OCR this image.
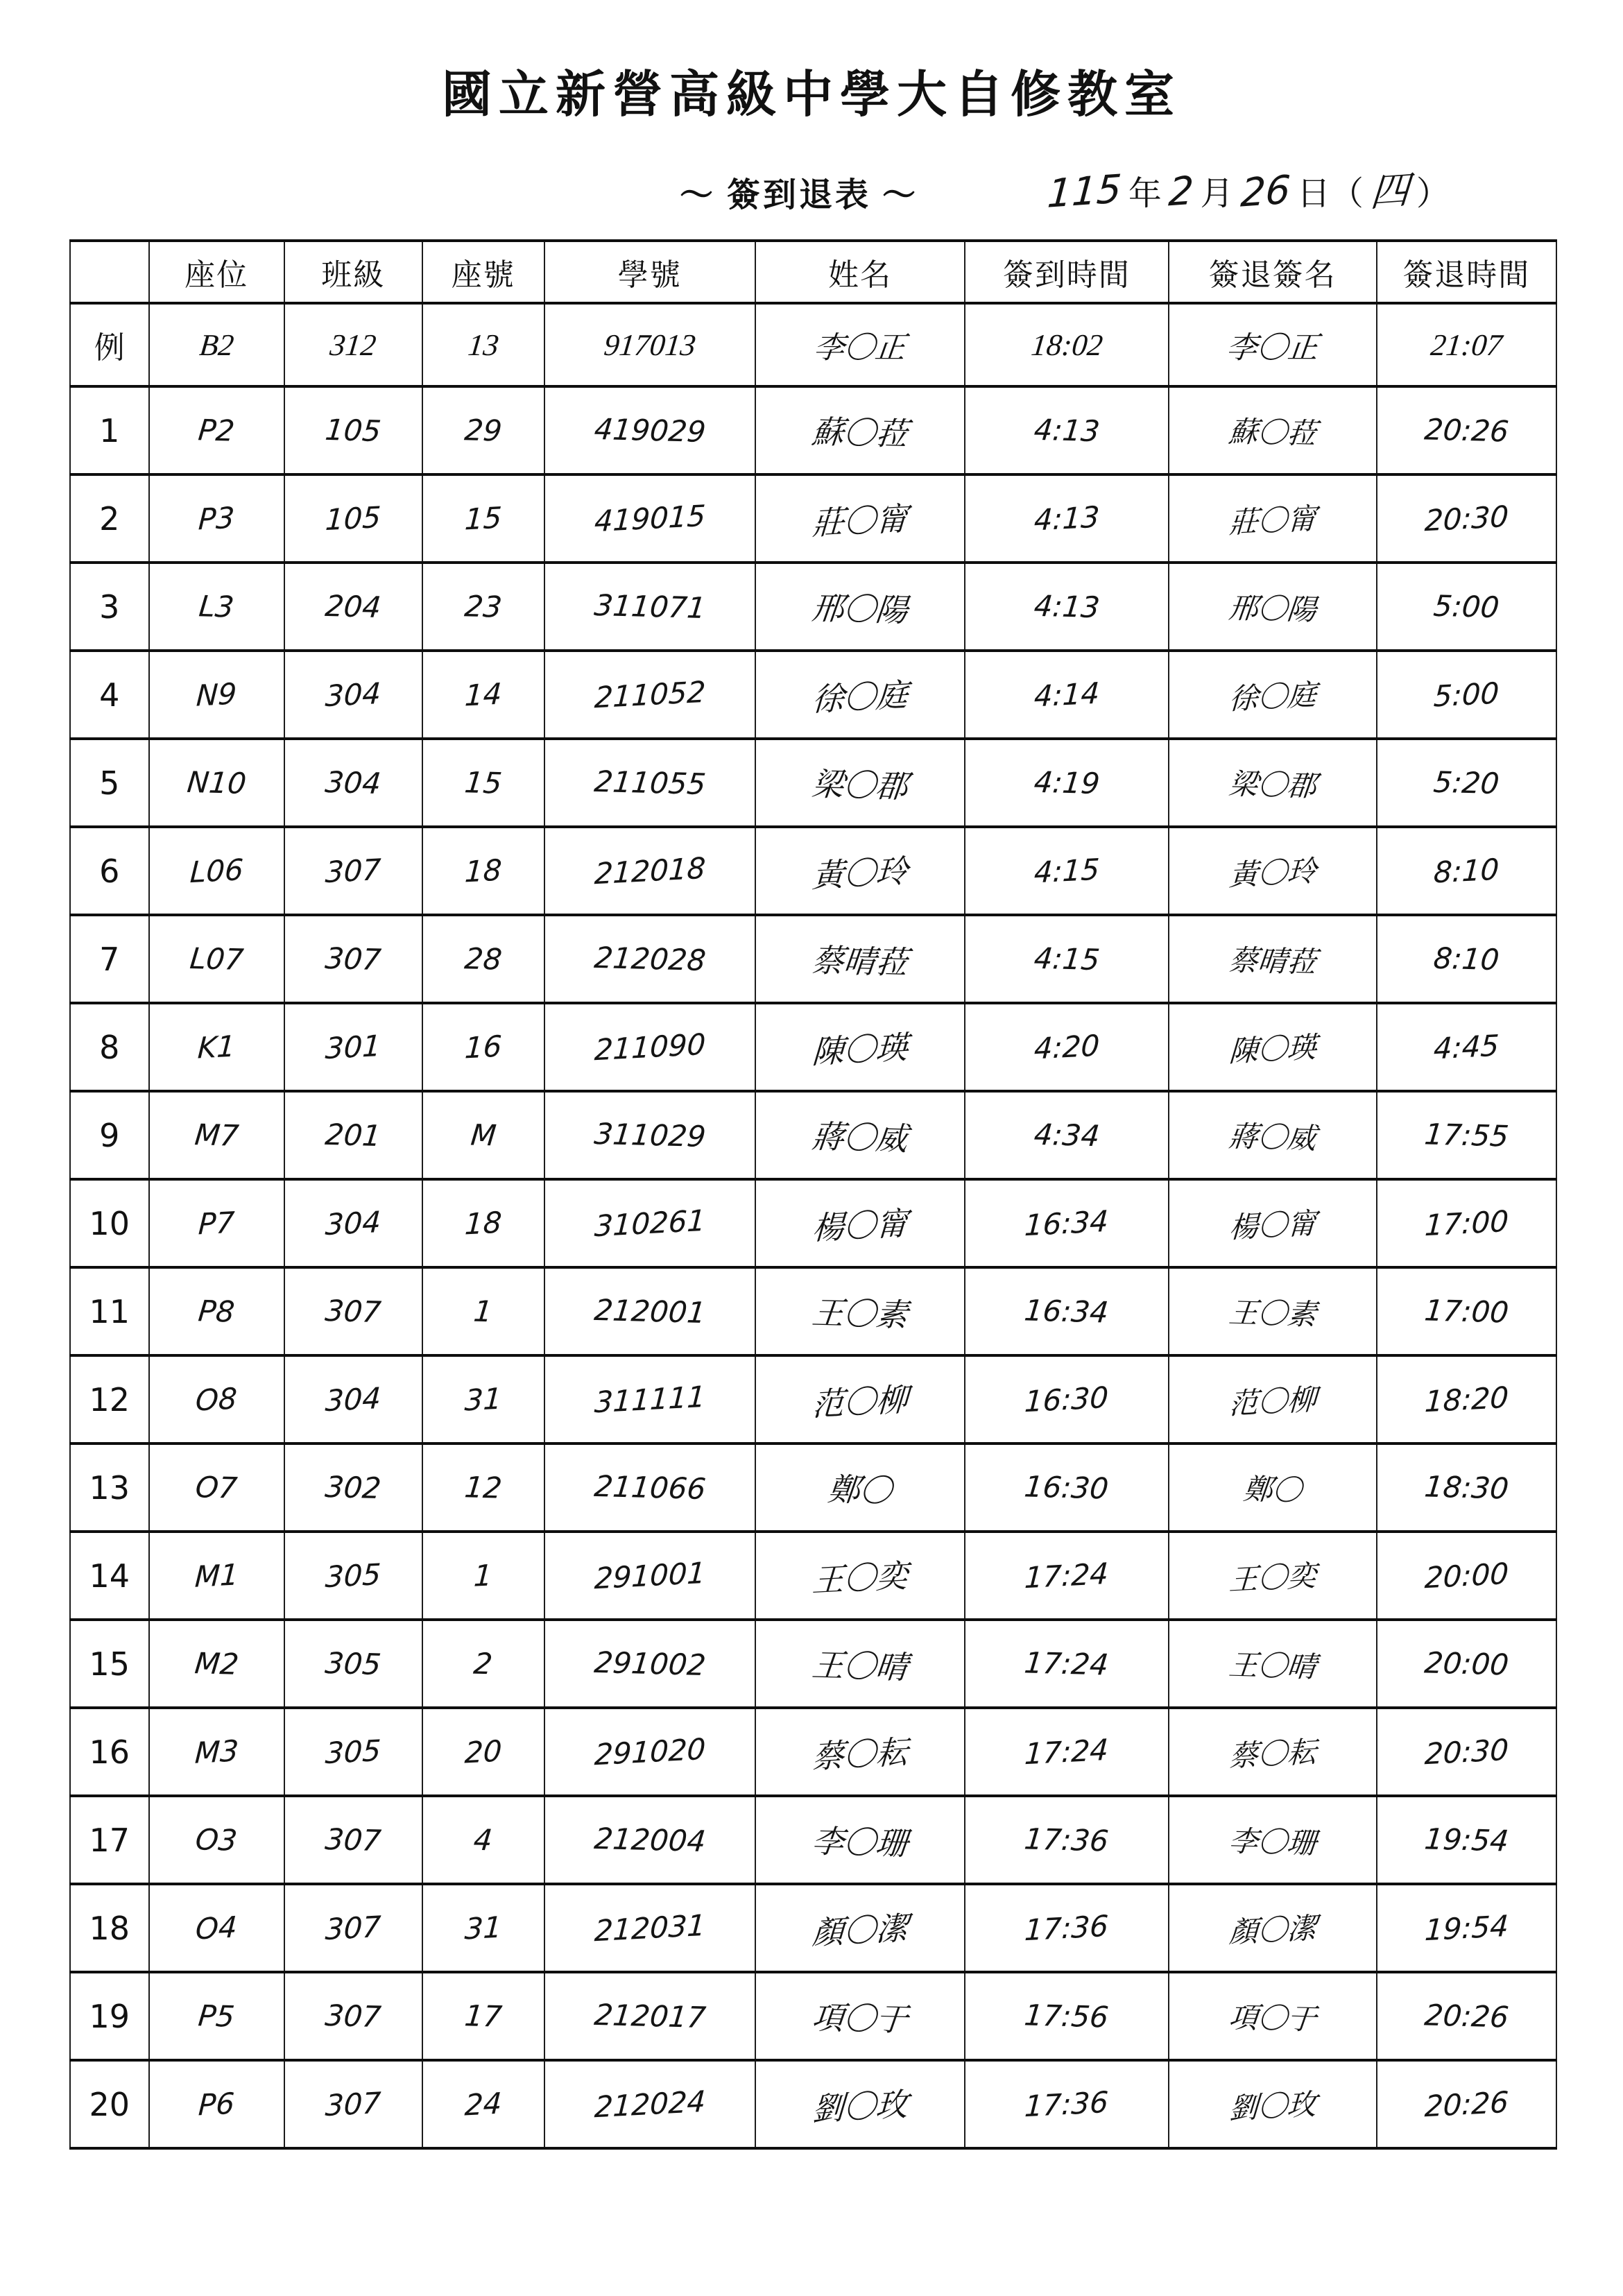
國立新營高級中學大自修教室
〜 簽到退表 〜	115 年 2 月 26 日（ 四 ）
	座位	班級	座號	學號	姓名	簽到時間	簽退簽名	簽退時間
例	B2	312	13	917013	李〇正	18:02	李〇正	21:07
1	P2	105	29	419029	蘇〇菈	4:13	蘇〇菈	20:26
2	P3	105	15	419015	莊〇甯	4:13	莊〇甯	20:30
3	L3	204	23	311071	邢〇陽	4:13	邢〇陽	5:00
4	N9	304	14	211052	徐〇庭	4:14	徐〇庭	5:00
5	N10	304	15	211055	梁〇郡	4:19	梁〇郡	5:20
6	L06	307	18	212018	黃〇玲	4:15	黃〇玲	8:10
7	L07	307	28	212028	蔡晴菈	4:15	蔡晴菈	8:10
8	K1	301	16	211090	陳〇瑛	4:20	陳〇瑛	4:45
9	M7	201	M	311029	蔣〇威	4:34	蔣〇威	17:55
10	P7	304	18	310261	楊〇甯	16:34	楊〇甯	17:00
11	P8	307	1	212001	王〇素	16:34	王〇素	17:00
12	O8	304	31	311111	范〇柳	16:30	范〇柳	18:20
13	O7	302	12	211066	鄭〇	16:30	鄭〇	18:30
14	M1	305	1	291001	王〇奕	17:24	王〇奕	20:00
15	M2	305	2	291002	王〇晴	17:24	王〇晴	20:00
16	M3	305	20	291020	蔡〇耘	17:24	蔡〇耘	20:30
17	O3	307	4	212004	李〇珊	17:36	李〇珊	19:54
18	O4	307	31	212031	顏〇潔	17:36	顏〇潔	19:54
19	P5	307	17	212017	項〇于	17:56	項〇于	20:26
20	P6	307	24	212024	劉〇玫	17:36	劉〇玫	20:26
